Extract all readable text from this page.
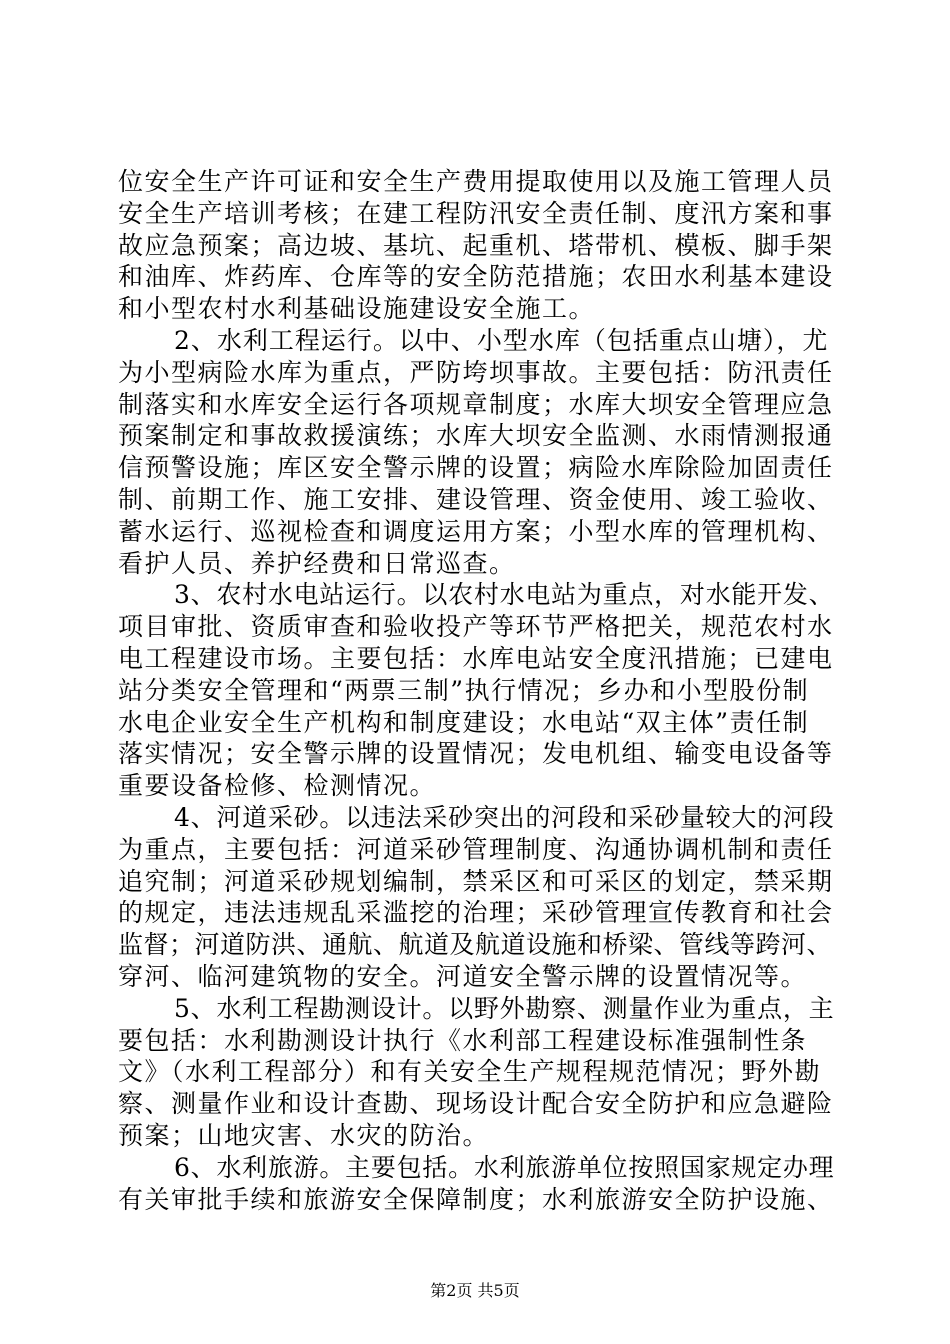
位安全生产许可证和安全生产费用提取使用以及施工管理人员
安全生产培训考核；在建工程防汛安全责任制、度汛方案和事
故应急预案；高边坡、基坑、起重机、塔带机、模板、脚手架
和油库、炸药库、仓库等的安全防范措施；农田水利基本建设
和小型农村水利基础设施建设安全施工。
2、水利工程运行。以中、小型水库（包括重点山塘），尤
为小型病险水库为重点，严防垮坝事故。主要包括：防汛责任
制落实和水库安全运行各项规章制度；水库大坝安全管理应急
预案制定和事故救援演练；水库大坝安全监测、水雨情测报通
信预警设施；库区安全警示牌的设置；病险水库除险加固责任
制、前期工作、施工安排、建设管理、资金使用、竣工验收、
蓄水运行、巡视检查和调度运用方案；小型水库的管理机构、
看护人员、养护经费和日常巡查。
3、农村水电站运行。以农村水电站为重点，对水能开发、
项目审批、资质审查和验收投产等环节严格把关，规范农村水
电工程建设市场。主要包括：水库电站安全度汛措施；已建电
站分类安全管理和“两票三制”执行情况；乡办和小型股份制
水电企业安全生产机构和制度建设；水电站“双主体”责任制
落实情况；安全警示牌的设置情况；发电机组、输变电设备等
重要设备检修、检测情况。
4、河道采砂。以违法采砂突出的河段和采砂量较大的河段
为重点，主要包括：河道采砂管理制度、沟通协调机制和责任
追究制；河道采砂规划编制，禁采区和可采区的划定，禁采期
的规定，违法违规乱采滥挖的治理；采砂管理宣传教育和社会
监督；河道防洪、通航、航道及航道设施和桥梁、管线等跨河、
穿河、临河建筑物的安全。河道安全警示牌的设置情况等。
5、水利工程勘测设计。以野外勘察、测量作业为重点，主
要包括：水利勘测设计执行《水利部工程建设标准强制性条
文》（水利工程部分）和有关安全生产规程规范情况；野外勘
察、测量作业和设计查勘、现场设计配合安全防护和应急避险
预案；山地灾害、水灾的防治。
6、水利旅游。主要包括。水利旅游单位按照国家规定办理
有关审批手续和旅游安全保障制度；水利旅游安全防护设施、
第2页 共5页
